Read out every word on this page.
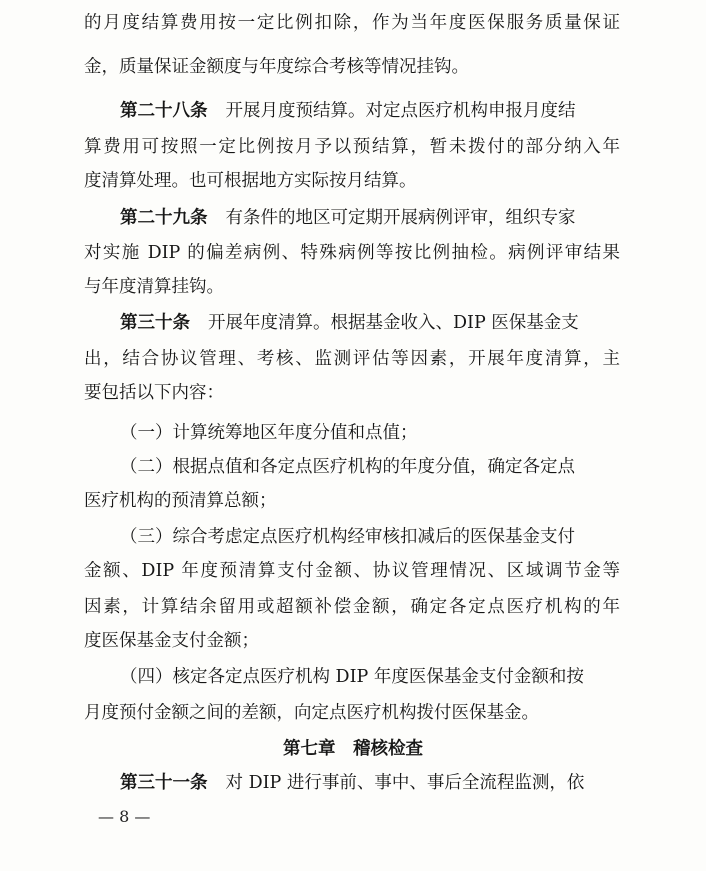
的月度结算费用按一定比例扣除，作为当年度医保服务质量保证
金，质量保证金额度与年度综合考核等情况挂钩。
第二十八条 开展月度预结算。对定点医疗机构申报月度结
算费用可按照一定比例按月予以预结算，暂未拨付的部分纳入年
度清算处理。也可根据地方实际按月结算。
第二十九条 有条件的地区可定期开展病例评审，组织专家
对实施 DIP 的偏差病例、特殊病例等按比例抽检。病例评审结果
与年度清算挂钩。
第三十条 开展年度清算。根据基金收入、DIP 医保基金支
出，结合协议管理、考核、监测评估等因素，开展年度清算，主
要包括以下内容：
（一）计算统筹地区年度分值和点值；
（二）根据点值和各定点医疗机构的年度分值，确定各定点
医疗机构的预清算总额；
（三）综合考虑定点医疗机构经审核扣减后的医保基金支付
金额、DIP 年度预清算支付金额、协议管理情况、区域调节金等
因素，计算结余留用或超额补偿金额，确定各定点医疗机构的年
度医保基金支付金额；
（四）核定各定点医疗机构 DIP 年度医保基金支付金额和按
月度预付金额之间的差额，向定点医疗机构拨付医保基金。
第七章　稽核检查
第三十一条 对 DIP 进行事前、事中、事后全流程监测，依
— 8 —
